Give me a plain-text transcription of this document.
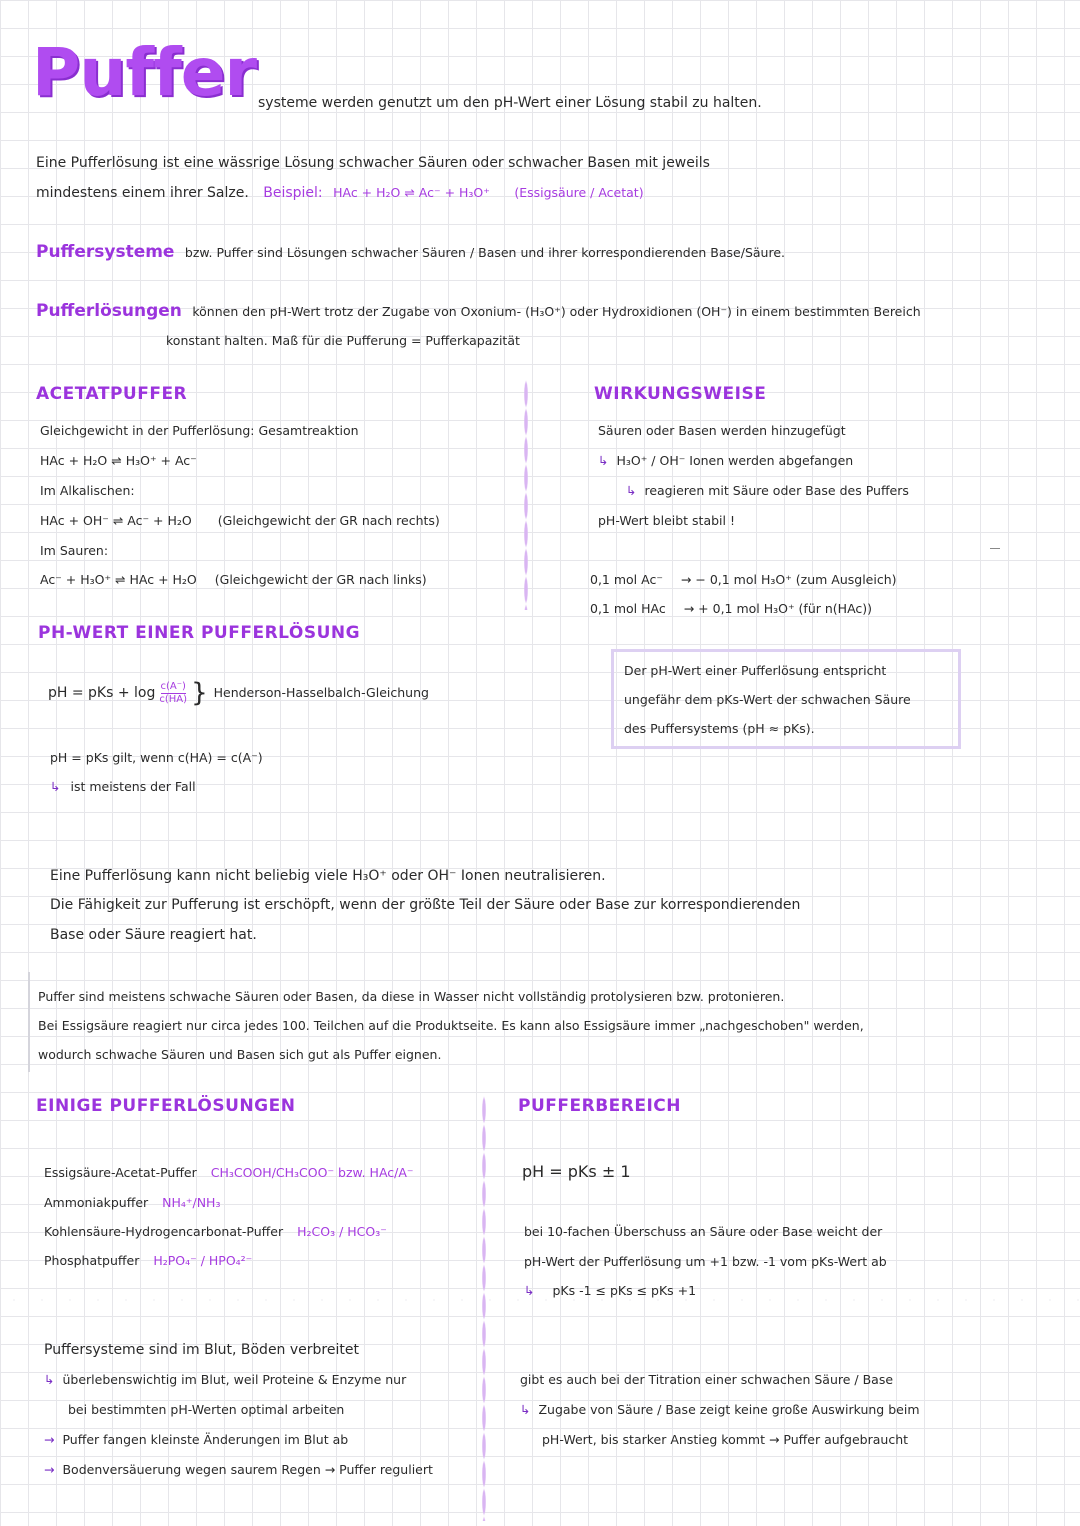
Puffer systeme werden genutzt um den pH-Wert einer Lösung stabil zu halten.
Eine Pufferlösung ist eine wässrige Lösung schwacher Säuren oder schwacher Basen mit jeweils
mindestens einem ihrer Salze. Beispiel: HAc + H₂O ⇌ Ac⁻ + H₃O⁺ (Essigsäure / Acetat)
Puffersysteme bzw. Puffer sind Lösungen schwacher Säuren / Basen und ihrer korrespondierenden Base/Säure.
Pufferlösungen können den pH-Wert trotz der Zugabe von Oxonium- (H₃O⁺) oder Hydroxidionen (OH⁻) in einem bestimmten Bereich
konstant halten. Maß für die Pufferung = Pufferkapazität
ACETATPUFFER
Gleichgewicht in der Pufferlösung: Gesamtreaktion
HAc + H₂O ⇌ H₃O⁺ + Ac⁻
Im Alkalischen:
HAc + OH⁻ ⇌ Ac⁻ + H₂O (Gleichgewicht der GR nach rechts)
Im Sauren:
Ac⁻ + H₃O⁺ ⇌ HAc + H₂O (Gleichgewicht der GR nach links)
WIRKUNGSWEISE
Säuren oder Basen werden hinzugefügt
↳ H₃O⁺ / OH⁻ Ionen werden abgefangen
↳ reagieren mit Säure oder Base des Puffers
pH-Wert bleibt stabil !
0,1 mol Ac⁻ → − 0,1 mol H₃O⁺ (zum Ausgleich)
0,1 mol HAc → + 0,1 mol H₃O⁺ (für n(HAc))
PH-WERT EINER PUFFERLÖSUNG
pH = pKs + $\log \frac{c(A^-)}{c(HA)}$ } Henderson-Hasselbalch-Gleichung
pH = pKs gilt, wenn c(HA) = c(A⁻)
↳ ist meistens der Fall
Der pH-Wert einer Pufferlösung entspricht
ungefähr dem pKs-Wert der schwachen Säure
des Puffersystems (pH ≈ pKs).
Eine Pufferlösung kann nicht beliebig viele H₃O⁺ oder OH⁻ Ionen neutralisieren.
Die Fähigkeit zur Pufferung ist erschöpft, wenn der größte Teil der Säure oder Base zur korrespondierenden
Base oder Säure reagiert hat.
Puffer sind meistens schwache Säuren oder Basen, da diese in Wasser nicht vollständig protolysieren bzw. protonieren.
Bei Essigsäure reagiert nur circa jedes 100. Teilchen auf die Produktseite. Es kann also Essigsäure immer „nachgeschoben" werden,
wodurch schwache Säuren und Basen sich gut als Puffer eignen.
EINIGE PUFFERLÖSUNGEN
Essigsäure-Acetat-Puffer CH₃COOH/CH₃COO⁻ bzw. HAc/A⁻
Ammoniakpuffer NH₄⁺/NH₃
Kohlensäure-Hydrogencarbonat-Puffer H₂CO₃ / HCO₃⁻
Phosphatpuffer H₂PO₄⁻ / HPO₄²⁻
Puffersysteme sind im Blut, Böden verbreitet
↳ überlebenswichtig im Blut, weil Proteine & Enzyme nur
bei bestimmten pH-Werten optimal arbeiten
→ Puffer fangen kleinste Änderungen im Blut ab
→ Bodenversäuerung wegen saurem Regen → Puffer reguliert
PUFFERBEREICH
pH = pKs ± 1
bei 10-fachen Überschuss an Säure oder Base weicht der
pH-Wert der Pufferlösung um +1 bzw. -1 vom pKs-Wert ab
↳ pKs -1 ≤ pKs ≤ pKs +1
gibt es auch bei der Titration einer schwachen Säure / Base
↳ Zugabe von Säure / Base zeigt keine große Auswirkung beim
pH-Wert, bis starker Anstieg kommt → Puffer aufgebraucht
